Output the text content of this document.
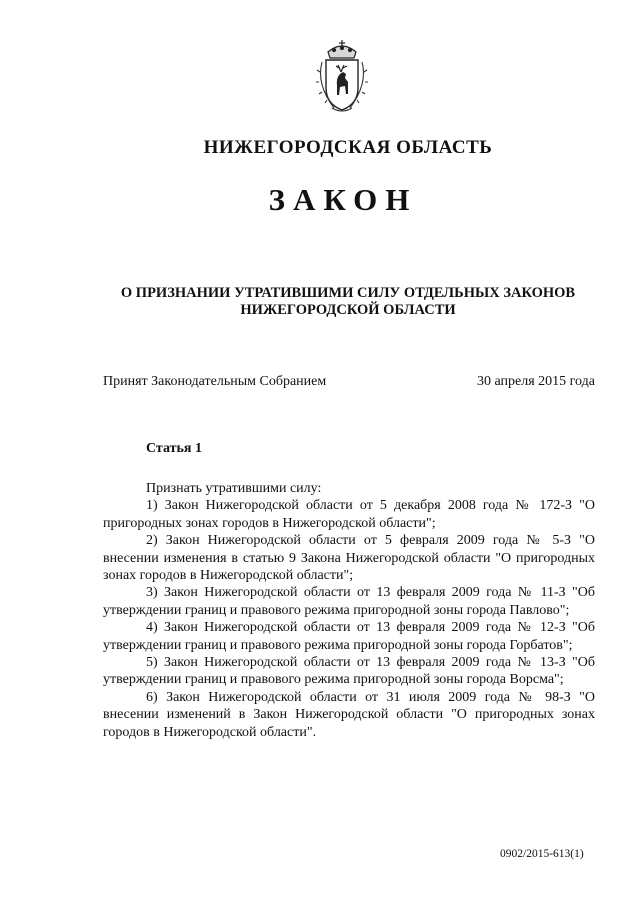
НИЖЕГОРОДСКАЯ ОБЛАСТЬ
ЗАКОН
О ПРИЗНАНИИ УТРАТИВШИМИ СИЛУ ОТДЕЛЬНЫХ ЗАКОНОВ
НИЖЕГОРОДСКОЙ ОБЛАСТИ
Принят Законодательным Собранием	30 апреля 2015 года
Статья 1

Признать утратившими силу:

1) Закон Нижегородской области от 5 декабря 2008 года № 172-З "О пригородных зонах городов в Нижегородской области";

2) Закон Нижегородской области от 5 февраля 2009 года № 5-З "О внесении изменения в статью 9 Закона Нижегородской области "О пригородных зонах городов в Нижегородской области";

3) Закон Нижегородской области от 13 февраля 2009 года № 11-З "Об утверждении границ и правового режима пригородной зоны города Павлово";

4) Закон Нижегородской области от 13 февраля 2009 года № 12-З "Об утверждении границ и правового режима пригородной зоны города Горбатов";

5) Закон Нижегородской области от 13 февраля 2009 года № 13-З "Об утверждении границ и правового режима пригородной зоны города Ворсма";

6) Закон Нижегородской области от 31 июля 2009 года № 98-З "О внесении изменений в Закон Нижегородской области "О пригородных зонах городов в Нижегородской области".

0902/2015-613(1)
